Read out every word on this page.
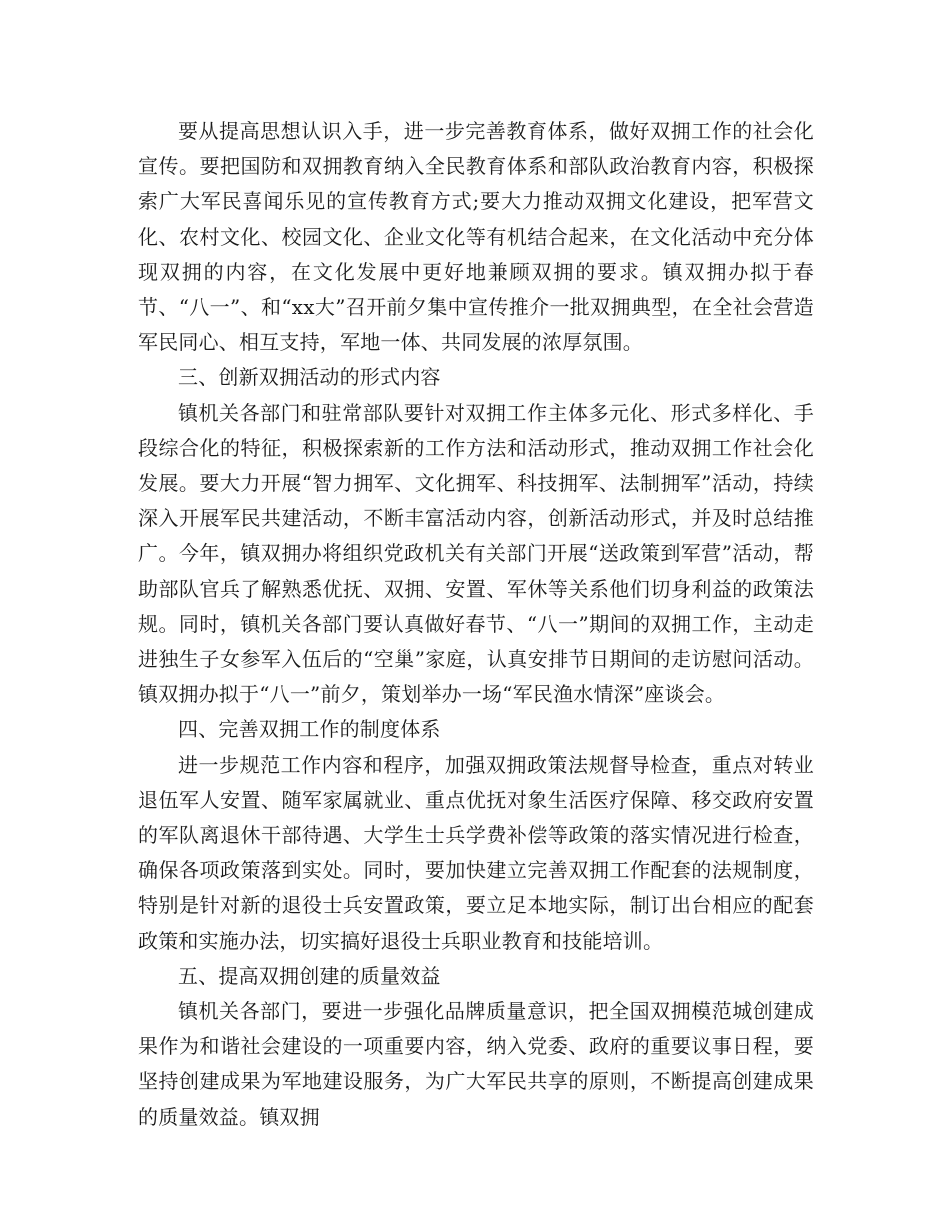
要从提高思想认识入手，进一步完善教育体系，做好双拥工作的社会化宣传。要把国防和双拥教育纳入全民教育体系和部队政治教育内容，积极探索广大军民喜闻乐见的宣传教育方式;要大力推动双拥文化建设，把军营文化、农村文化、校园文化、企业文化等有机结合起来，在文化活动中充分体现双拥的内容，在文化发展中更好地兼顾双拥的要求。镇双拥办拟于春节、“八一”、和“xx大”召开前夕集中宣传推介一批双拥典型，在全社会营造军民同心、相互支持，军地一体、共同发展的浓厚氛围。

三、创新双拥活动的形式内容

镇机关各部门和驻常部队要针对双拥工作主体多元化、形式多样化、手段综合化的特征，积极探索新的工作方法和活动形式，推动双拥工作社会化发展。要大力开展“智力拥军、文化拥军、科技拥军、法制拥军”活动，持续深入开展军民共建活动，不断丰富活动内容，创新活动形式，并及时总结推广。今年，镇双拥办将组织党政机关有关部门开展“送政策到军营”活动，帮助部队官兵了解熟悉优抚、双拥、安置、军休等关系他们切身利益的政策法规。同时，镇机关各部门要认真做好春节、“八一”期间的双拥工作，主动走进独生子女参军入伍后的“空巢”家庭，认真安排节日期间的走访慰问活动。镇双拥办拟于“八一”前夕，策划举办一场“军民渔水情深”座谈会。

四、完善双拥工作的制度体系

进一步规范工作内容和程序，加强双拥政策法规督导检查，重点对转业退伍军人安置、随军家属就业、重点优抚对象生活医疗保障、移交政府安置的军队离退休干部待遇、大学生士兵学费补偿等政策的落实情况进行检查，确保各项政策落到实处。同时，要加快建立完善双拥工作配套的法规制度，特别是针对新的退役士兵安置政策，要立足本地实际，制订出台相应的配套政策和实施办法，切实搞好退役士兵职业教育和技能培训。

五、提高双拥创建的质量效益

镇机关各部门，要进一步强化品牌质量意识，把全国双拥模范城创建成果作为和谐社会建设的一项重要内容，纳入党委、政府的重要议事日程，要坚持创建成果为军地建设服务，为广大军民共享的原则，不断提高创建成果的质量效益。镇双拥
